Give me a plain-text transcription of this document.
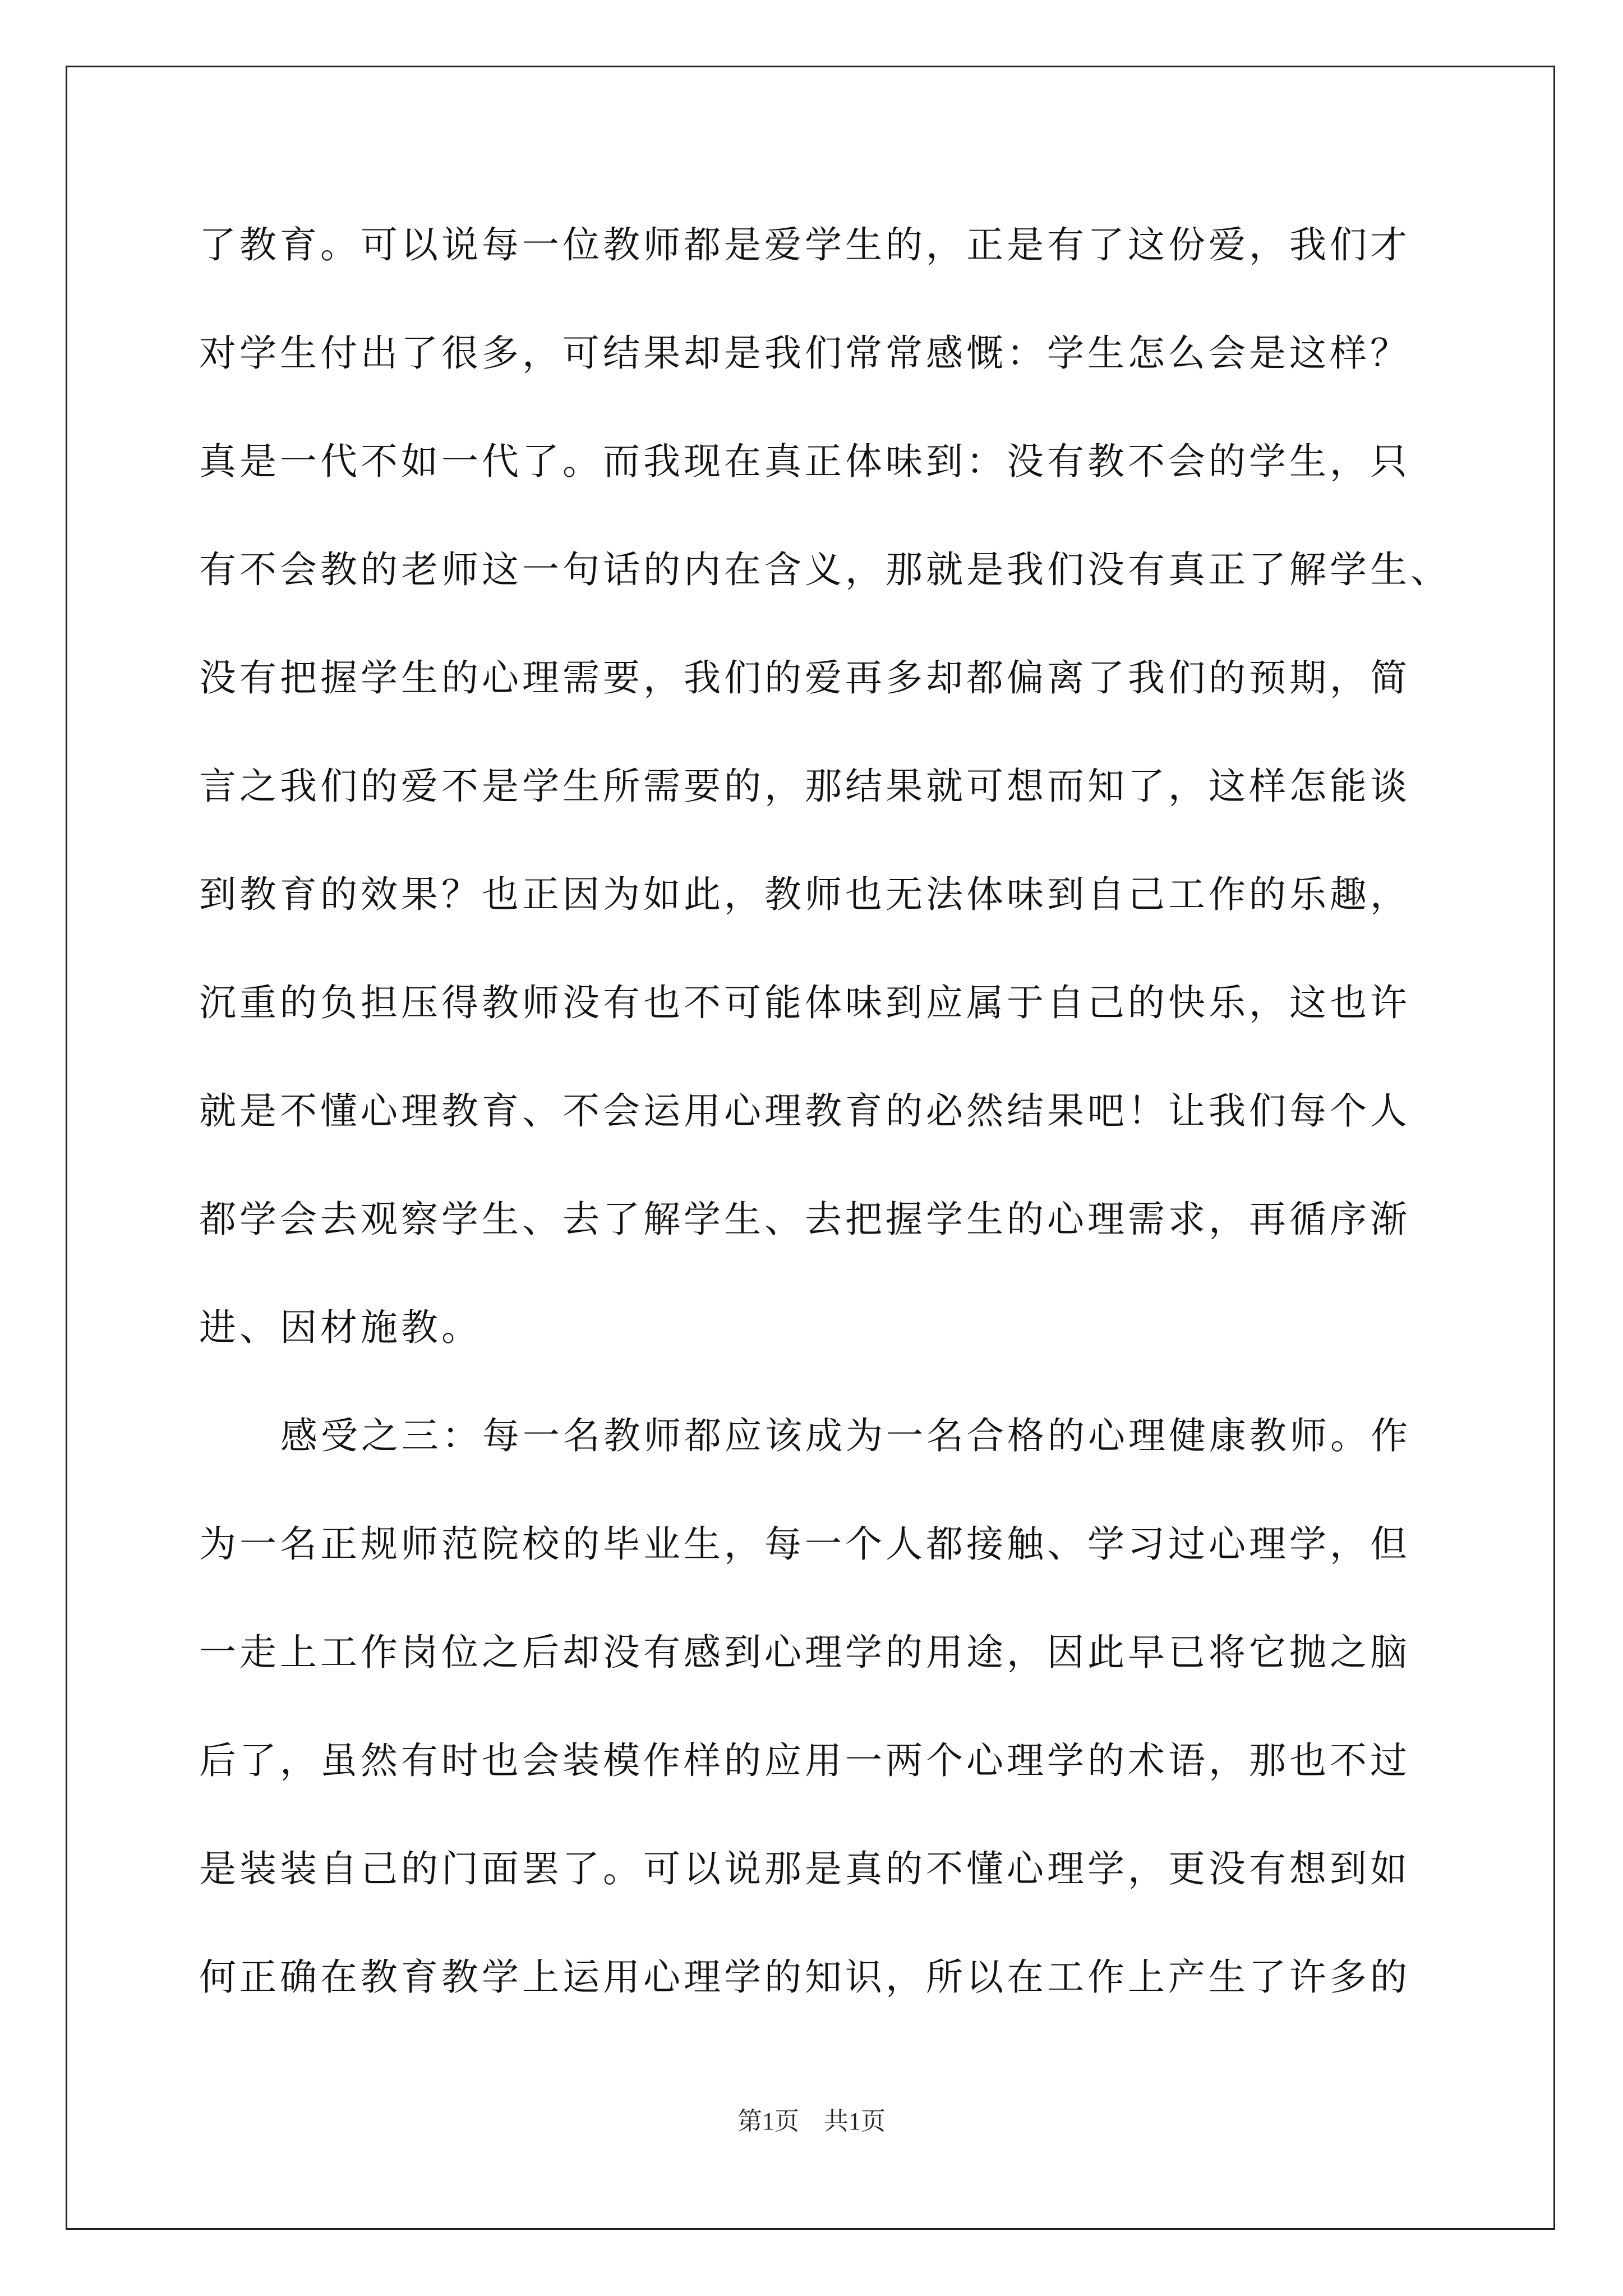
了教育。可以说每一位教师都是爱学生的，正是有了这份爱，我们才
对学生付出了很多，可结果却是我们常常感慨：学生怎么会是这样？
真是一代不如一代了。而我现在真正体味到：没有教不会的学生，只
有不会教的老师这一句话的内在含义，那就是我们没有真正了解学生、
没有把握学生的心理需要，我们的爱再多却都偏离了我们的预期，简
言之我们的爱不是学生所需要的，那结果就可想而知了，这样怎能谈
到教育的效果？也正因为如此，教师也无法体味到自己工作的乐趣，
沉重的负担压得教师没有也不可能体味到应属于自己的快乐，这也许
就是不懂心理教育、不会运用心理教育的必然结果吧！让我们每个人
都学会去观察学生、去了解学生、去把握学生的心理需求，再循序渐
进、因材施教。
感受之三：每一名教师都应该成为一名合格的心理健康教师。作
为一名正规师范院校的毕业生，每一个人都接触、学习过心理学，但
一走上工作岗位之后却没有感到心理学的用途，因此早已将它抛之脑
后了，虽然有时也会装模作样的应用一两个心理学的术语，那也不过
是装装自己的门面罢了。可以说那是真的不懂心理学，更没有想到如
何正确在教育教学上运用心理学的知识，所以在工作上产生了许多的
第1页　共1页
